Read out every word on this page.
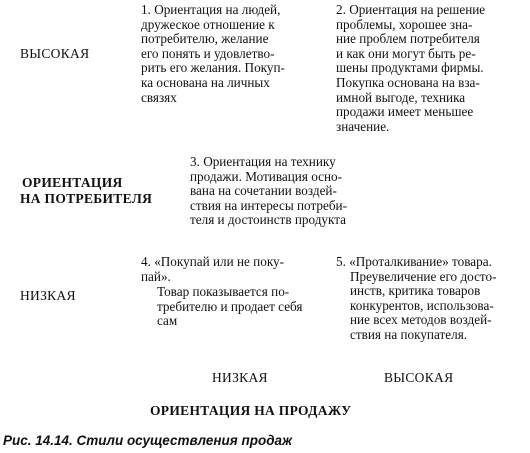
ВЫСОКАЯ
ОРИЕНТАЦИЯ
НА ПОТРЕБИТЕЛЯ
НИЗКАЯ
1. Ориентация на людей,
дружеское отношение к
потребителю, желание
его понять и удовлетво-
рить его желания. Покуп-
ка основана на личных
связях
2. Ориентация на решение
проблемы, хорошее зна-
ние проблем потребителя
и как они могут быть ре-
шены продуктами фирмы.
Покупка основана на вза-
имной выгоде, техника
продажи имеет меньшее
значение.
3. Ориентация на технику
продажи. Мотивация осно-
вана на сочетании воздей-
ствия на интересы потреби-
теля и достоинств продукта
4. «Покупай или не поку-
пай».
Товар показывается по-
требителю и продает себя
сам
5. «Проталкивание» товара.
Преувеличение его досто-
инств, критика товаров
конкурентов, использова-
ние всех методов воздей-
ствия на покупателя.
НИЗКАЯ	ВЫСОКАЯ
ОРИЕНТАЦИЯ НА ПРОДАЖУ
Рис. 14.14. Стили осуществления продаж
